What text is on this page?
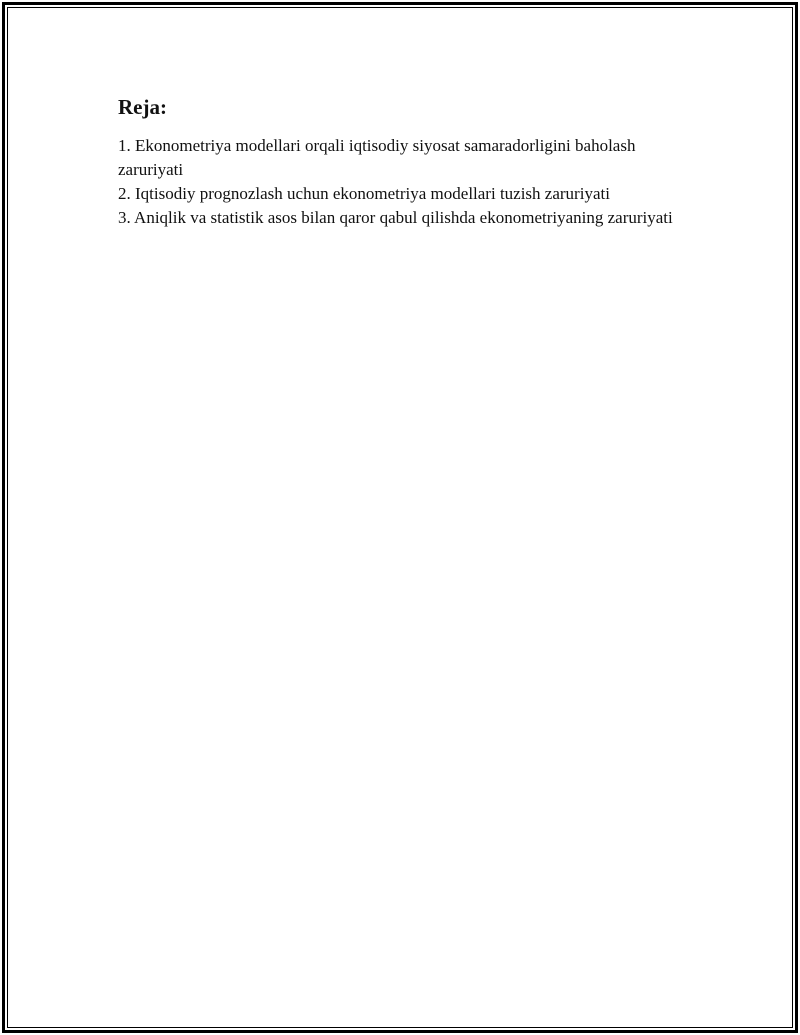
Reja:
1. Ekonometriya modellari orqali iqtisodiy siyosat samaradorligini baholash zaruriyati
2. Iqtisodiy prognozlash uchun ekonometriya modellari tuzish zaruriyati
3. Aniqlik va statistik asos bilan qaror qabul qilishda ekonometriyaning zaruriyati
